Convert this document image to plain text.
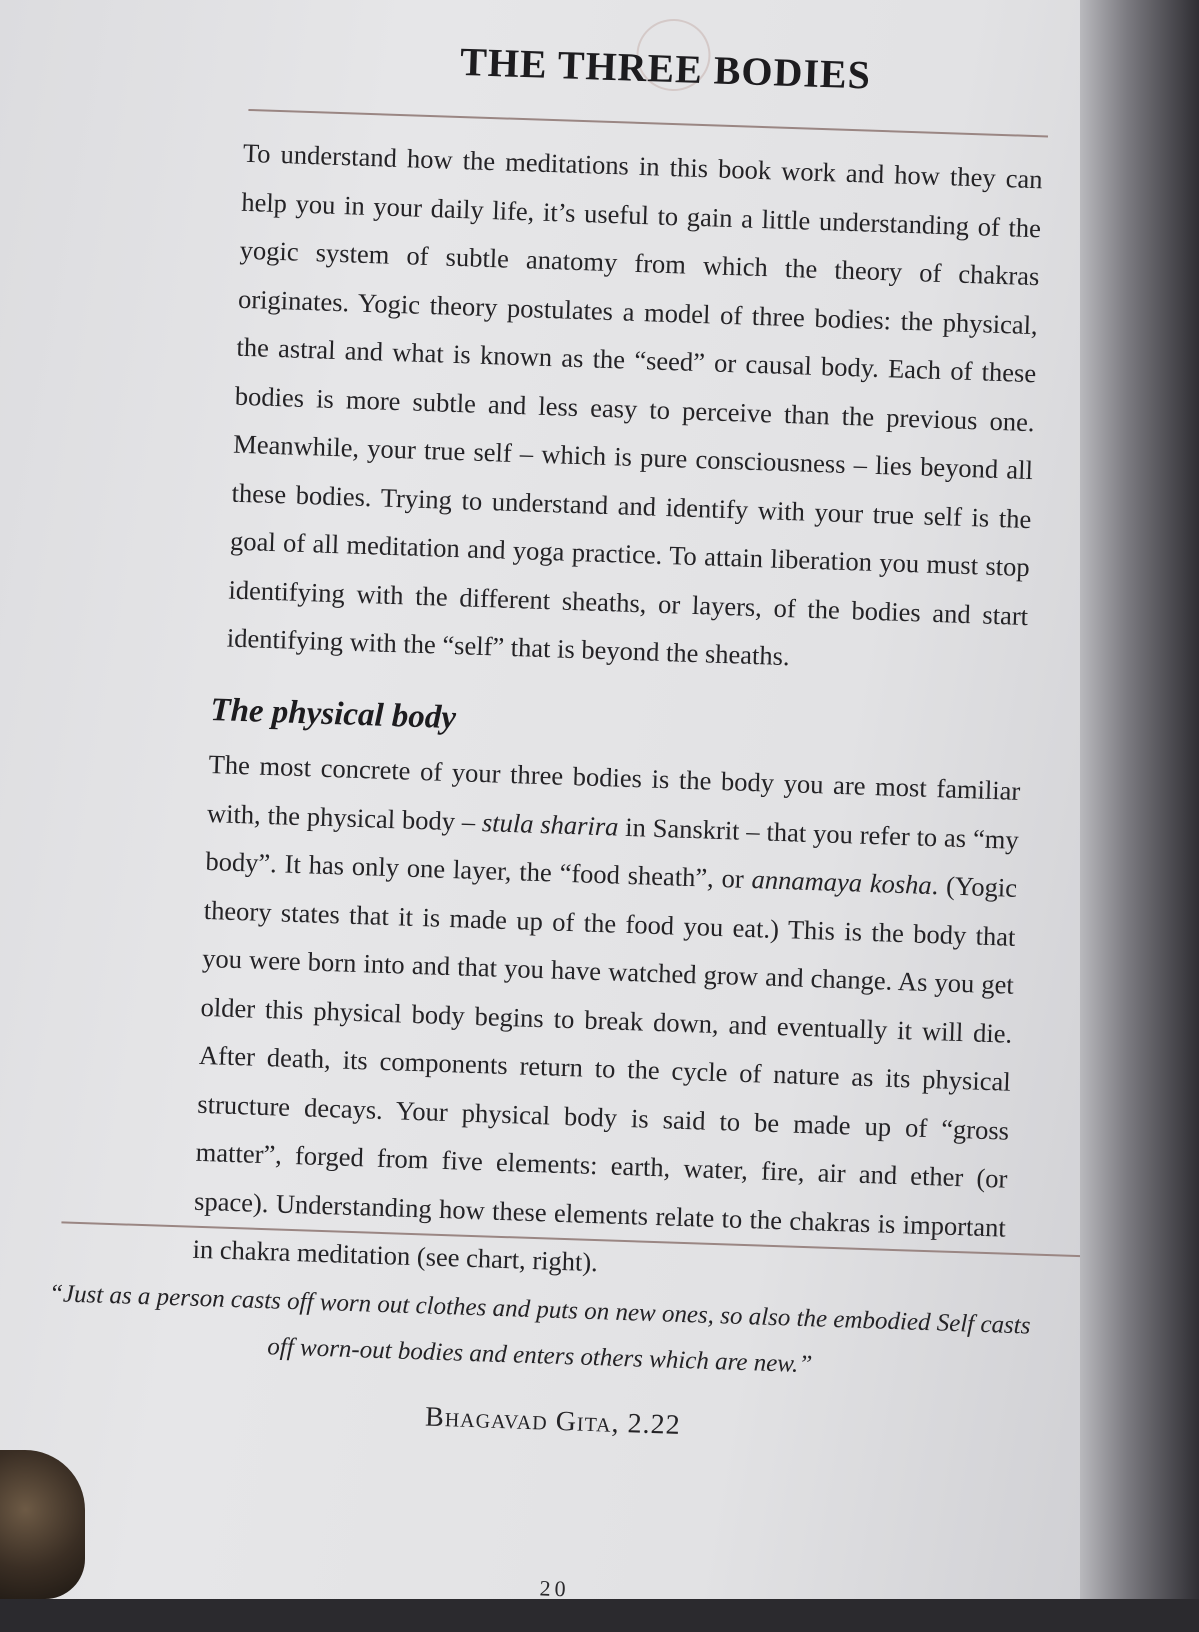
THE THREE BODIES

To understand how the meditations in this book work and how they can help you in your daily life, it’s useful to gain a little understanding of the yogic system of subtle anatomy from which the theory of chakras originates. Yogic theory postulates a model of three bodies: the physical, the astral and what is known as the “seed” or causal body. Each of these bodies is more subtle and less easy to perceive than the previous one. Meanwhile, your true self – which is pure consciousness – lies beyond all these bodies. Trying to understand and identify with your true self is the goal of all meditation and yoga practice. To attain liberation you must stop identifying with the different sheaths, or layers, of the bodies and start identifying with the “self” that is beyond the sheaths.

The physical body

The most concrete of your three bodies is the body you are most familiar with, the physical body – stula sharira in Sanskrit – that you refer to as “my body”. It has only one layer, the “food sheath”, or annamaya kosha. (Yogic theory states that it is made up of the food you eat.) This is the body that you were born into and that you have watched grow and change. As you get older this physical body begins to break down, and eventually it will die. After death, its components return to the cycle of nature as its physical structure decays. Your physical body is said to be made up of “gross matter”, forged from five elements: earth, water, fire, air and ether (or space). Understanding how these elements relate to the chakras is important in chakra meditation (see chart, right).

“Just as a person casts off worn out clothes and puts on new ones, so also the embodied Self casts
off worn-out bodies and enters others which are new.”
Bhagavad Gita, 2.22
20
